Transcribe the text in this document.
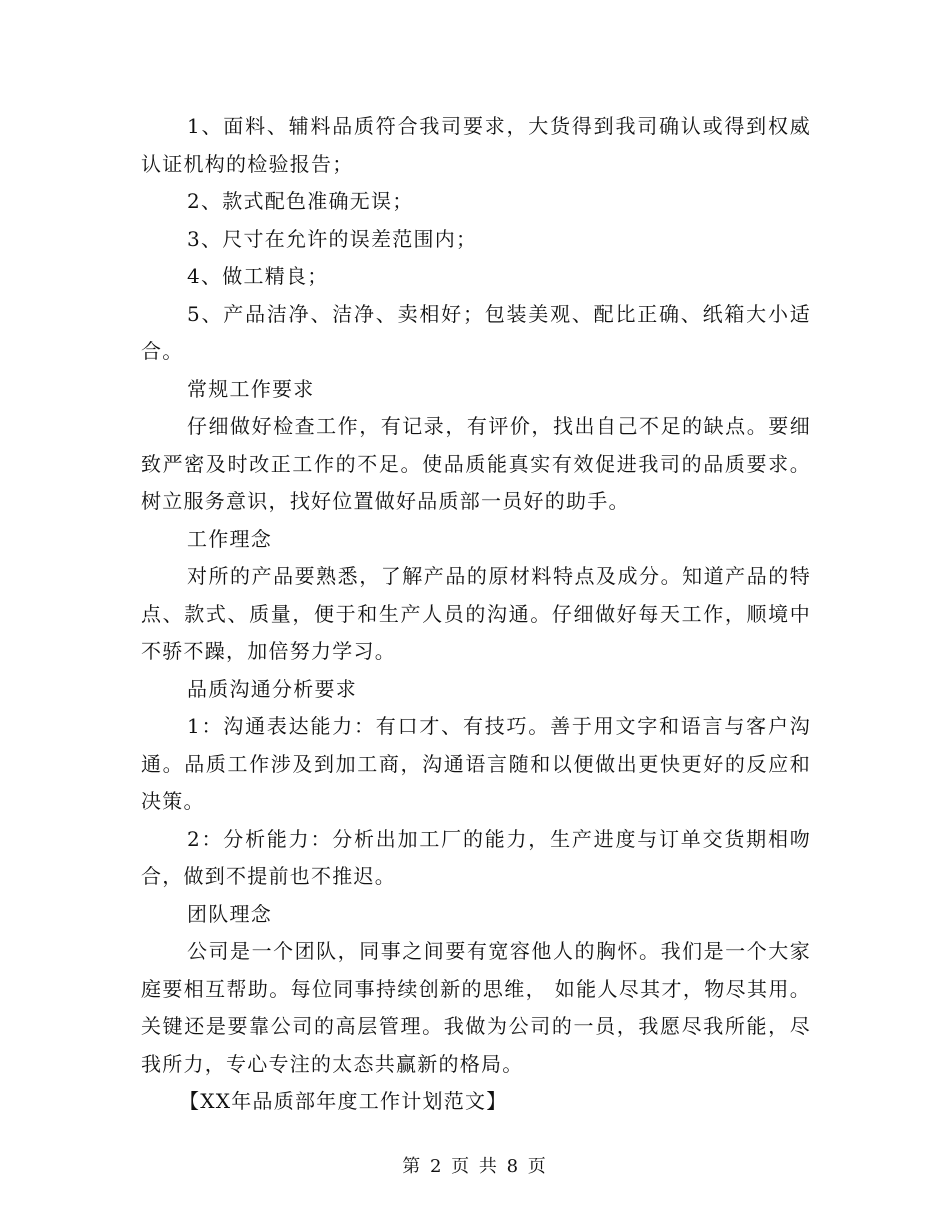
1、面料、辅料品质符合我司要求，大货得到我司确认或得到权威认证机构的检验报告；

2、款式配色准确无误；

3、尺寸在允许的误差范围内；

4、做工精良；

5、产品洁净、洁净、卖相好；包装美观、配比正确、纸箱大小适合。

常规工作要求

仔细做好检查工作，有记录，有评价，找出自己不足的缺点。要细致严密及时改正工作的不足。使品质能真实有效促进我司的品质要求。树立服务意识，找好位置做好品质部一员好的助手。

工作理念

对所的产品要熟悉，了解产品的原材料特点及成分。知道产品的特点、款式、质量，便于和生产人员的沟通。仔细做好每天工作，顺境中不骄不躁，加倍努力学习。

品质沟通分析要求

1：沟通表达能力：有口才、有技巧。善于用文字和语言与客户沟通。品质工作涉及到加工商，沟通语言随和以便做出更快更好的反应和决策。

2：分析能力：分析出加工厂的能力，生产进度与订单交货期相吻合，做到不提前也不推迟。

团队理念

公司是一个团队，同事之间要有宽容他人的胸怀。我们是一个大家庭要相互帮助。每位同事持续创新的思维， 如能人尽其才，物尽其用。关键还是要靠公司的高层管理。我做为公司的一员，我愿尽我所能，尽我所力，专心专注的太态共赢新的格局。

【XX年品质部年度工作计划范文】

第 2 页 共 8 页
